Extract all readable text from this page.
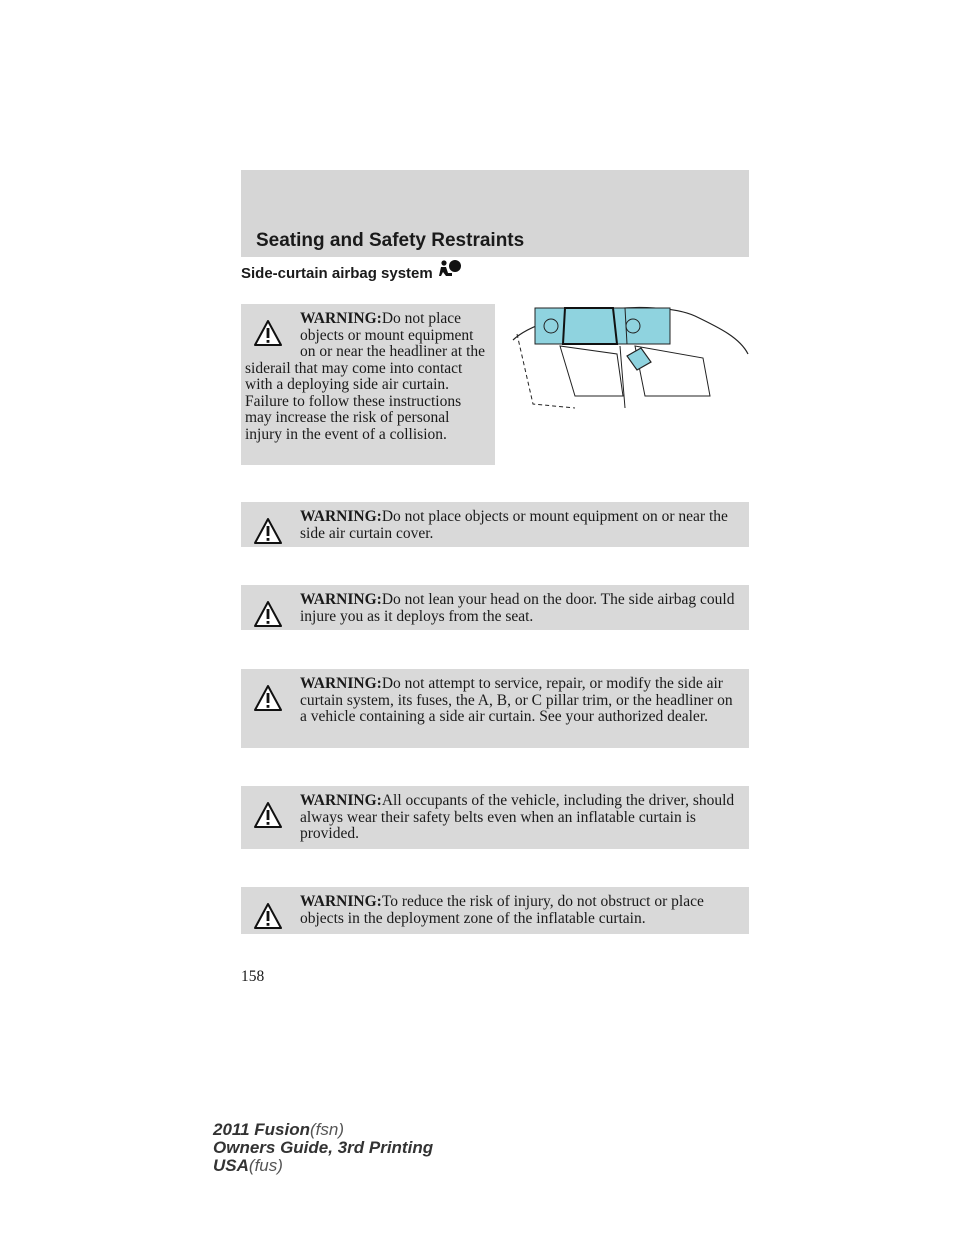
Seating and Safety Restraints
Side-curtain airbag system
WARNING:Do not place objects or mount equipment on or near the headliner at the siderail that may come into contact with a deploying side air curtain. Failure to follow these instructions may increase the risk of personal injury in the event of a collision.
WARNING:Do not place objects or mount equipment on or near the side air curtain cover.
WARNING:Do not lean your head on the door. The side airbag could injure you as it deploys from the seat.
WARNING:Do not attempt to service, repair, or modify the side air curtain system, its fuses, the A, B, or C pillar trim, or the headliner on a vehicle containing a side air curtain. See your authorized dealer.
WARNING:All occupants of the vehicle, including the driver, should always wear their safety belts even when an inflatable curtain is provided.
WARNING:To reduce the risk of injury, do not obstruct or place objects in the deployment zone of the inflatable curtain.
158
2011 Fusion(fsn)
Owners Guide, 3rd Printing
USA(fus)
